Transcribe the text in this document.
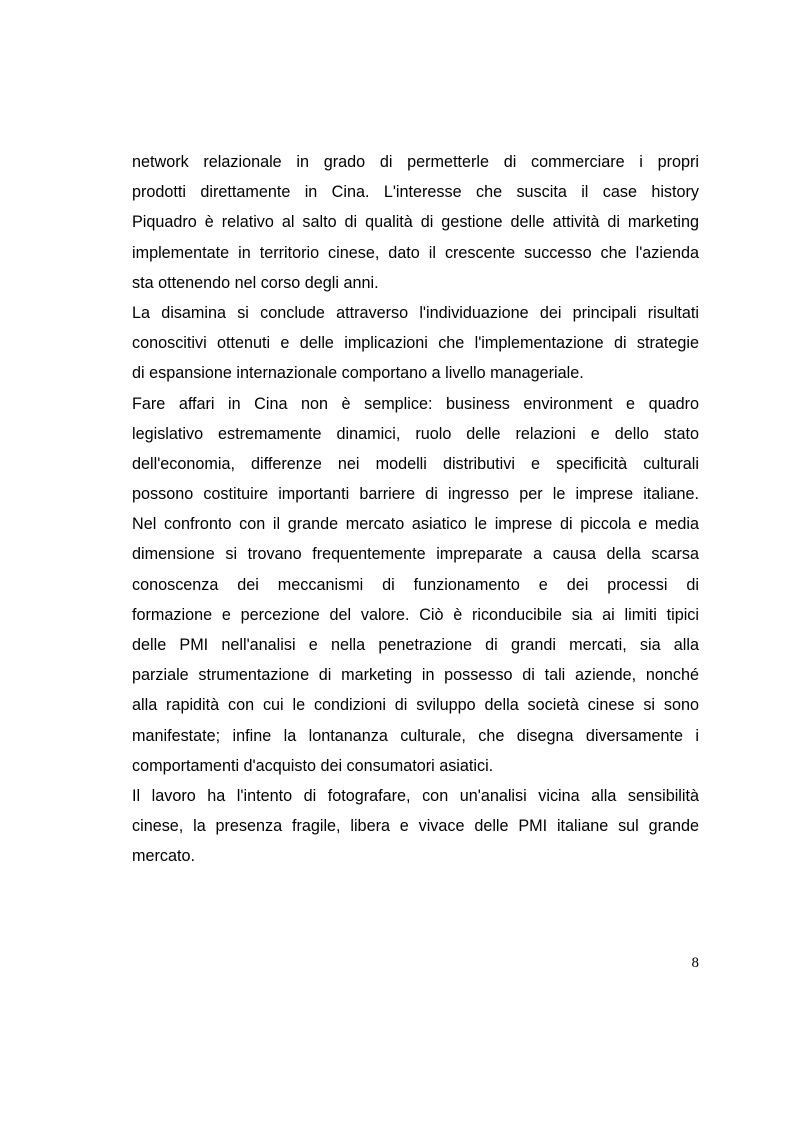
network relazionale in grado di permetterle di commerciare i propri
prodotti direttamente in Cina. L'interesse che suscita il case history
Piquadro è relativo al salto di qualità di gestione delle attività di marketing
implementate in territorio cinese, dato il crescente successo che l'azienda
sta ottenendo nel corso degli anni.

La disamina si conclude attraverso l'individuazione dei principali risultati
conoscitivi ottenuti e delle implicazioni che l'implementazione di strategie
di espansione internazionale comportano a livello manageriale.

Fare affari in Cina non è semplice: business environment e quadro
legislativo estremamente dinamici, ruolo delle relazioni e dello stato
dell'economia, differenze nei modelli distributivi e specificità culturali
possono costituire importanti barriere di ingresso per le imprese italiane.
Nel confronto con il grande mercato asiatico le imprese di piccola e media
dimensione si trovano frequentemente impreparate a causa della scarsa
conoscenza dei meccanismi di funzionamento e dei processi di
formazione e percezione del valore. Ciò è riconducibile sia ai limiti tipici
delle PMI nell'analisi e nella penetrazione di grandi mercati, sia alla
parziale strumentazione di marketing in possesso di tali aziende, nonché
alla rapidità con cui le condizioni di sviluppo della società cinese si sono
manifestate; infine la lontananza culturale, che disegna diversamente i
comportamenti d'acquisto dei consumatori asiatici.

Il lavoro ha l'intento di fotografare, con un'analisi vicina alla sensibilità
cinese, la presenza fragile, libera e vivace delle PMI italiane sul grande
mercato.

8
